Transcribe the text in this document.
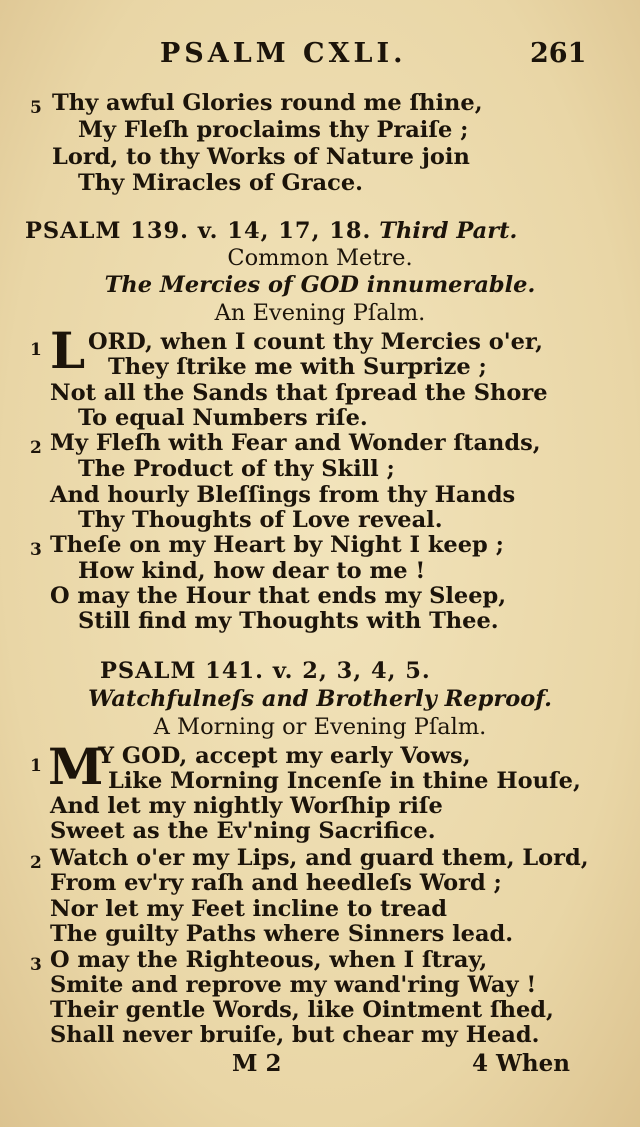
PSALM CXLI.	261
5 Thy awful Glories round me ſhine,
My Fleſh proclaims thy Praiſe ;
Lord, to thy Works of Nature join
Thy Miracles of Grace.
PSALM 139. v. 14, 17, 18. Third Part.
Common Metre.
The Mercies of GOD innumerable.
An Evening Pſalm.
1 L ORD, when I count thy Mercies o'er,
They ſtrike me with Surprize ;
Not all the Sands that ſpread the Shore
To equal Numbers riſe.
2 My Fleſh with Fear and Wonder ſtands,
The Product of thy Skill ;
And hourly Bleſſings from thy Hands
Thy Thoughts of Love reveal.
3 Theſe on my Heart by Night I keep ;
How kind, how dear to me !
O may the Hour that ends my Sleep,
Still find my Thoughts with Thee.
PSALM 141. v. 2, 3, 4, 5.
Watchfulneſs and Brotherly Reproof.
A Morning or Evening Pſalm.
1 M
Y GOD, accept my early Vows,
Like Morning Incenſe in thine Houſe,
And let my nightly Worſhip riſe
Sweet as the Ev'ning Sacrifice.
2 Watch o'er my Lips, and guard them, Lord,
From ev'ry raſh and heedleſs Word ;
Nor let my Feet incline to tread
The guilty Paths where Sinners lead.
3 O may the Righteous, when I ſtray,
Smite and reprove my wand'ring Way !
Their gentle Words, like Ointment ſhed,
Shall never bruiſe, but chear my Head.
M 2	4 When
